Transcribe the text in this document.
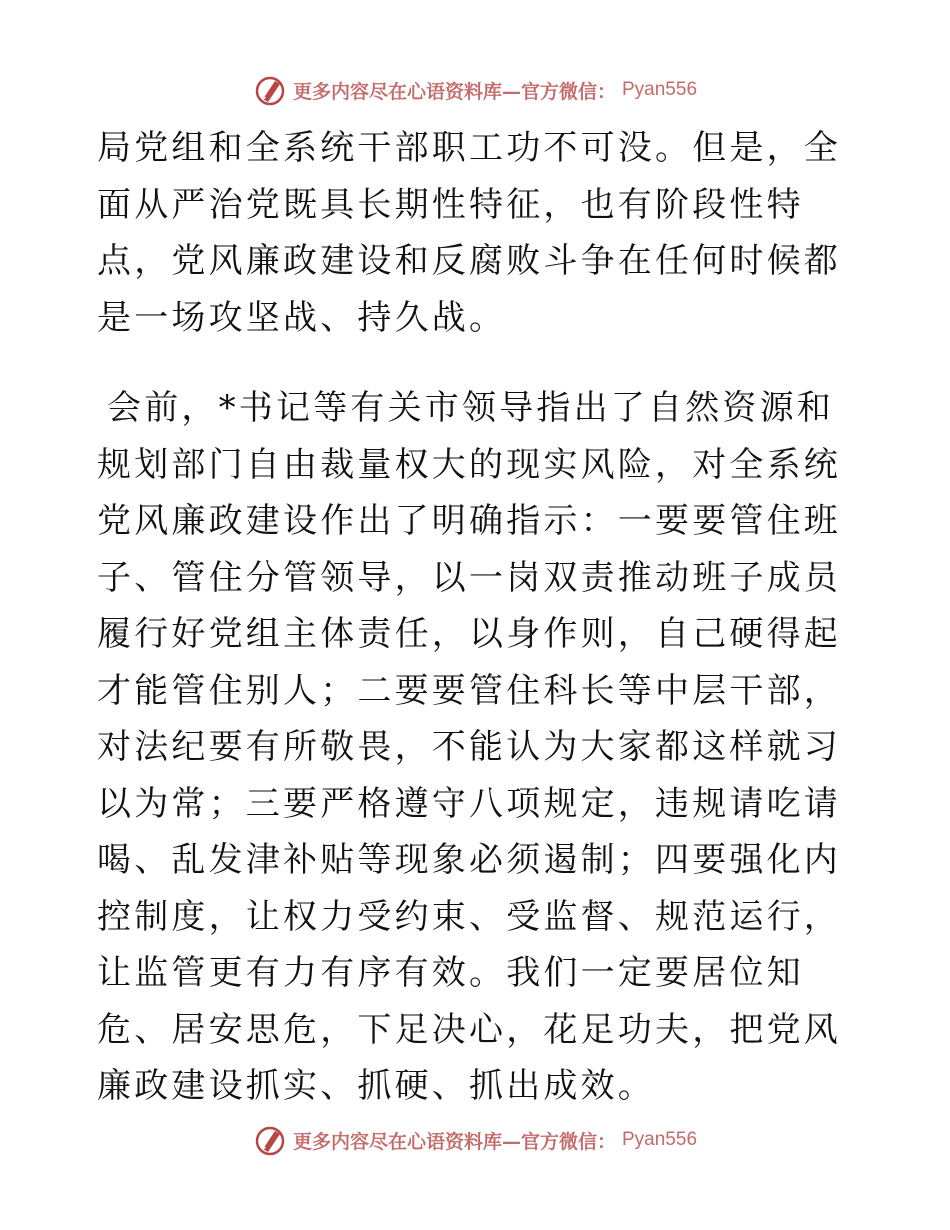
更多内容尽在心语资料库—官方微信： Pyan556

局党组和全系统干部职工功不可没。但是，全面从严治党既具长期性特征，也有阶段性特点，党风廉政建设和反腐败斗争在任何时候都是一场攻坚战、持久战。

会前，*书记等有关市领导指出了自然资源和规划部门自由裁量权大的现实风险，对全系统党风廉政建设作出了明确指示：一要要管住班子、管住分管领导，以一岗双责推动班子成员履行好党组主体责任，以身作则，自己硬得起才能管住别人；二要要管住科长等中层干部，对法纪要有所敬畏，不能认为大家都这样就习以为常；三要严格遵守八项规定，违规请吃请喝、乱发津补贴等现象必须遏制；四要强化内控制度，让权力受约束、受监督、规范运行，让监管更有力有序有效。我们一定要居位知危、居安思危，下足决心，花足功夫，把党风廉政建设抓实、抓硬、抓出成效。

更多内容尽在心语资料库—官方微信： Pyan556
